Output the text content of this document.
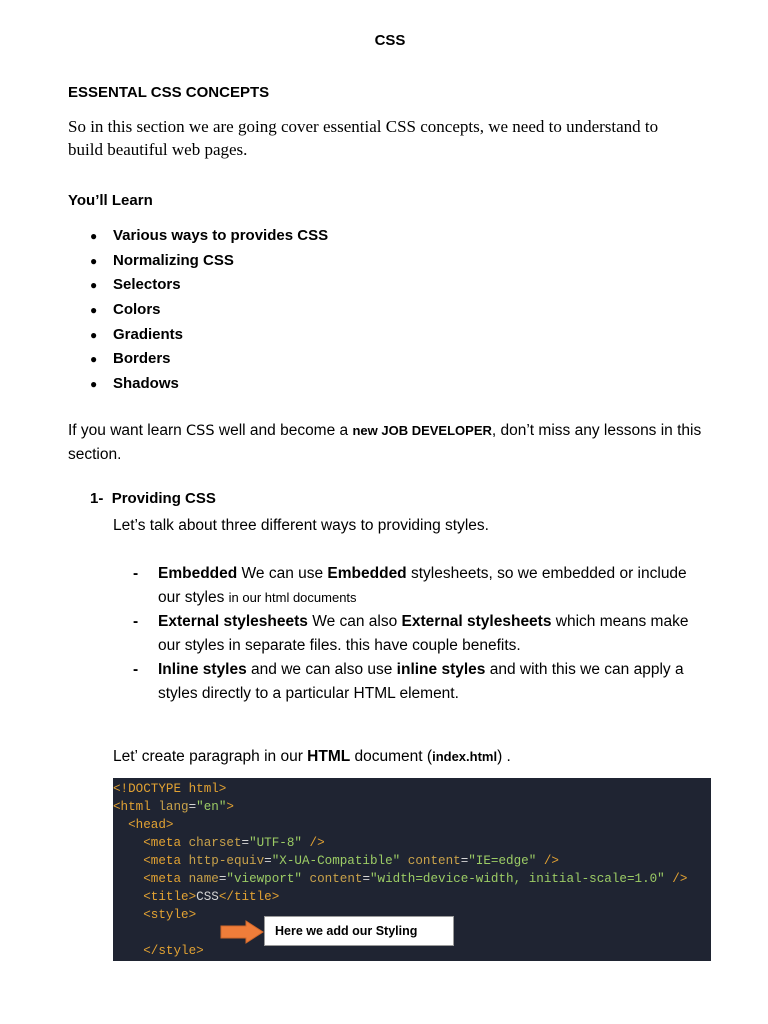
CSS
ESSENTAL CSS CONCEPTS
So in this section we are going cover essential CSS concepts, we need to understand to
build beautiful web pages.
You’ll Learn
● Various ways to provides CSS
● Normalizing CSS
● Selectors
● Colors
● Gradients
● Borders
● Shadows
If you want learn CSS well and become a new JOB DEVELOPER, don’t miss any lessons in this
section.
1- Providing CSS
Let’s talk about three different ways to providing styles.
- Embedded We can use Embedded stylesheets, so we embedded or include
our styles in our html documents
- External stylesheets We can also External stylesheets which means make
our styles in separate files. this have couple benefits.
- Inline styles and we can also use inline styles and with this we can apply a
styles directly to a particular HTML element.
Let’ create paragraph in our HTML document (index.html) .
<!DOCTYPE html>
<html lang="en">
<head>
<meta charset="UTF-8" />
<meta http-equiv="X-UA-Compatible" content="IE=edge" />
<meta name="viewport" content="width=device-width, initial-scale=1.0" />
<title>CSS</title>
<style>

</style>
Here we add our Styling
